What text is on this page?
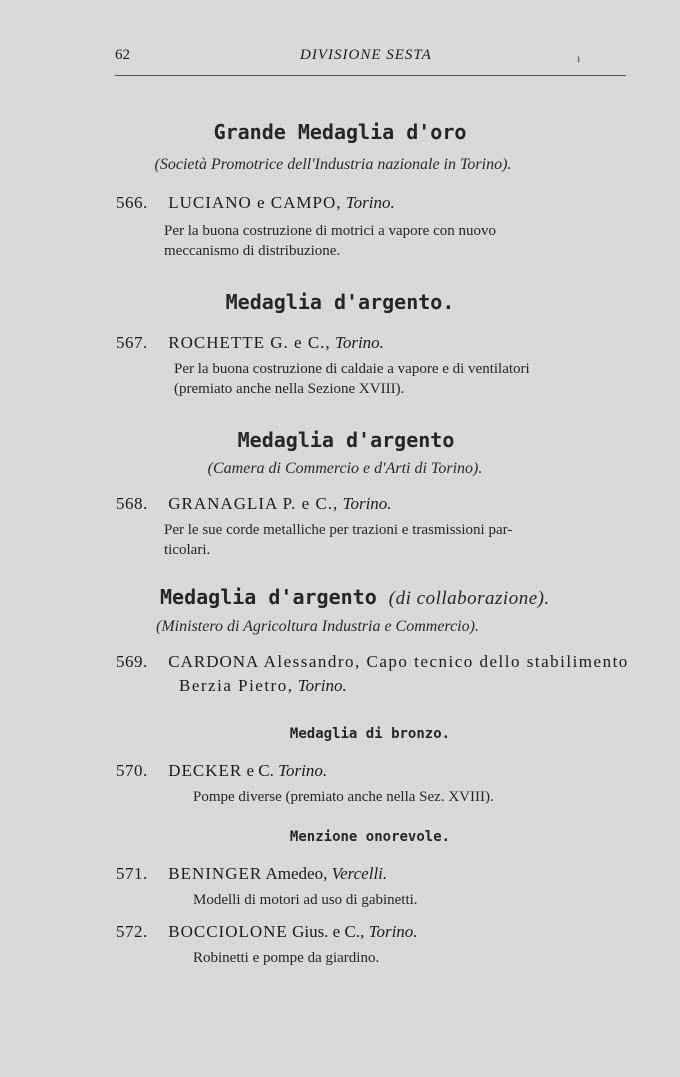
62	DIVISIONE SESTA	ı
Grande Medaglia d'oro
(Società Promotrice dell'Industria nazionale in Torino).
566. LUCIANO e CAMPO, Torino.
Per la buona costruzione di motrici a vapore con nuovo
meccanismo di distribuzione.
Medaglia d'argento.
567. ROCHETTE G. e C., Torino.
Per la buona costruzione di caldaie a vapore e di ventilatori
(premiato anche nella Sezione XVIII).
Medaglia d'argento
(Camera di Commercio e d'Arti di Torino).
568. GRANAGLIA P. e C., Torino.
Per le sue corde metalliche per trazioni e trasmissioni par-
ticolari.
Medaglia d'argento (di collaborazione).
(Ministero di Agricoltura Industria e Commercio).
569. CARDONA Alessandro, Capo tecnico dello stabilimento
Berzia Pietro, Torino.
Medaglia di bronzo.
570. DECKER e C. Torino.
Pompe diverse (premiato anche nella Sez. XVIII).
Menzione onorevole.
571. BENINGER Amedeo, Vercelli.
Modelli di motori ad uso di gabinetti.
572. BOCCIOLONE Gius. e C., Torino.
Robinetti e pompe da giardino.
